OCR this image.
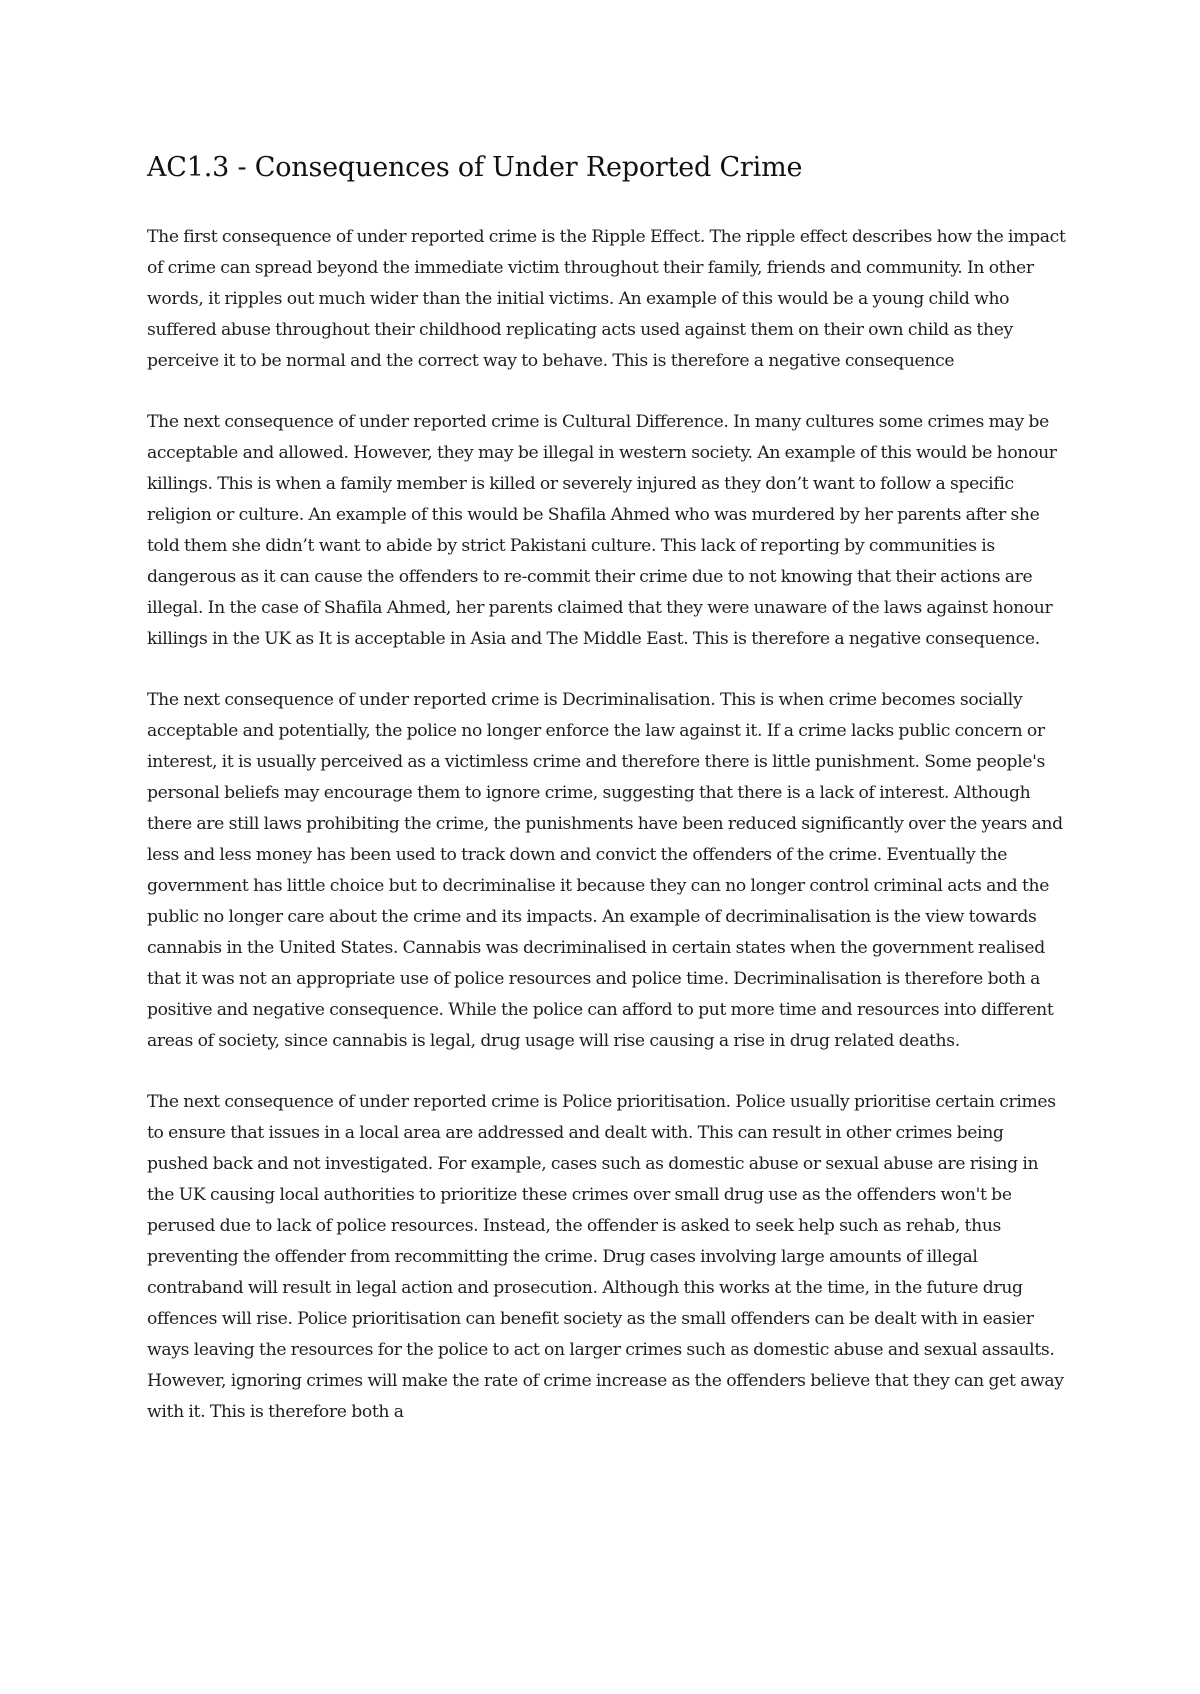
AC1.3 - Consequences of Under Reported Crime

The first consequence of under reported crime is the Ripple Effect. The ripple effect describes how the impact of crime can spread beyond the immediate victim throughout their family, friends and community. In other words, it ripples out much wider than the initial victims. An example of this would be a young child who suffered abuse throughout their childhood replicating acts used against them on their own child as they perceive it to be normal and the correct way to behave. This is therefore a negative consequence

The next consequence of under reported crime is Cultural Difference. In many cultures some crimes may be acceptable and allowed. However, they may be illegal in western society. An example of this would be honour killings. This is when a family member is killed or severely injured as they don’t want to follow a specific religion or culture. An example of this would be Shafila Ahmed who was murdered by her parents after she told them she didn’t want to abide by strict Pakistani culture. This lack of reporting by communities is dangerous as it can cause the offenders to re-commit their crime due to not knowing that their actions are illegal. In the case of Shafila Ahmed, her parents claimed that they were unaware of the laws against honour killings in the UK as It is acceptable in Asia and The Middle East. This is therefore a negative consequence.

The next consequence of under reported crime is Decriminalisation. This is when crime becomes socially acceptable and potentially, the police no longer enforce the law against it. If a crime lacks public concern or interest, it is usually perceived as a victimless crime and therefore there is little punishment. Some people's personal beliefs may encourage them to ignore crime, suggesting that there is a lack of interest. Although there are still laws prohibiting the crime, the punishments have been reduced significantly over the years and less and less money has been used to track down and convict the offenders of the crime. Eventually the government has little choice but to decriminalise it because they can no longer control criminal acts and the public no longer care about the crime and its impacts. An example of decriminalisation is the view towards cannabis in the United States. Cannabis was decriminalised in certain states when the government realised that it was not an appropriate use of police resources and police time. Decriminalisation is therefore both a positive and negative consequence. While the police can afford to put more time and resources into different areas of society, since cannabis is legal, drug usage will rise causing a rise in drug related deaths.

The next consequence of under reported crime is Police prioritisation. Police usually prioritise certain crimes to ensure that issues in a local area are addressed and dealt with. This can result in other crimes being pushed back and not investigated. For example, cases such as domestic abuse or sexual abuse are rising in the UK causing local authorities to prioritize these crimes over small drug use as the offenders won't be perused due to lack of police resources. Instead, the offender is asked to seek help such as rehab, thus preventing the offender from recommitting the crime. Drug cases involving large amounts of illegal contraband will result in legal action and prosecution. Although this works at the time, in the future drug offences will rise. Police prioritisation can benefit society as the small offenders can be dealt with in easier ways leaving the resources for the police to act on larger crimes such as domestic abuse and sexual assaults. However, ignoring crimes will make the rate of crime increase as the offenders believe that they can get away with it. This is therefore both a
